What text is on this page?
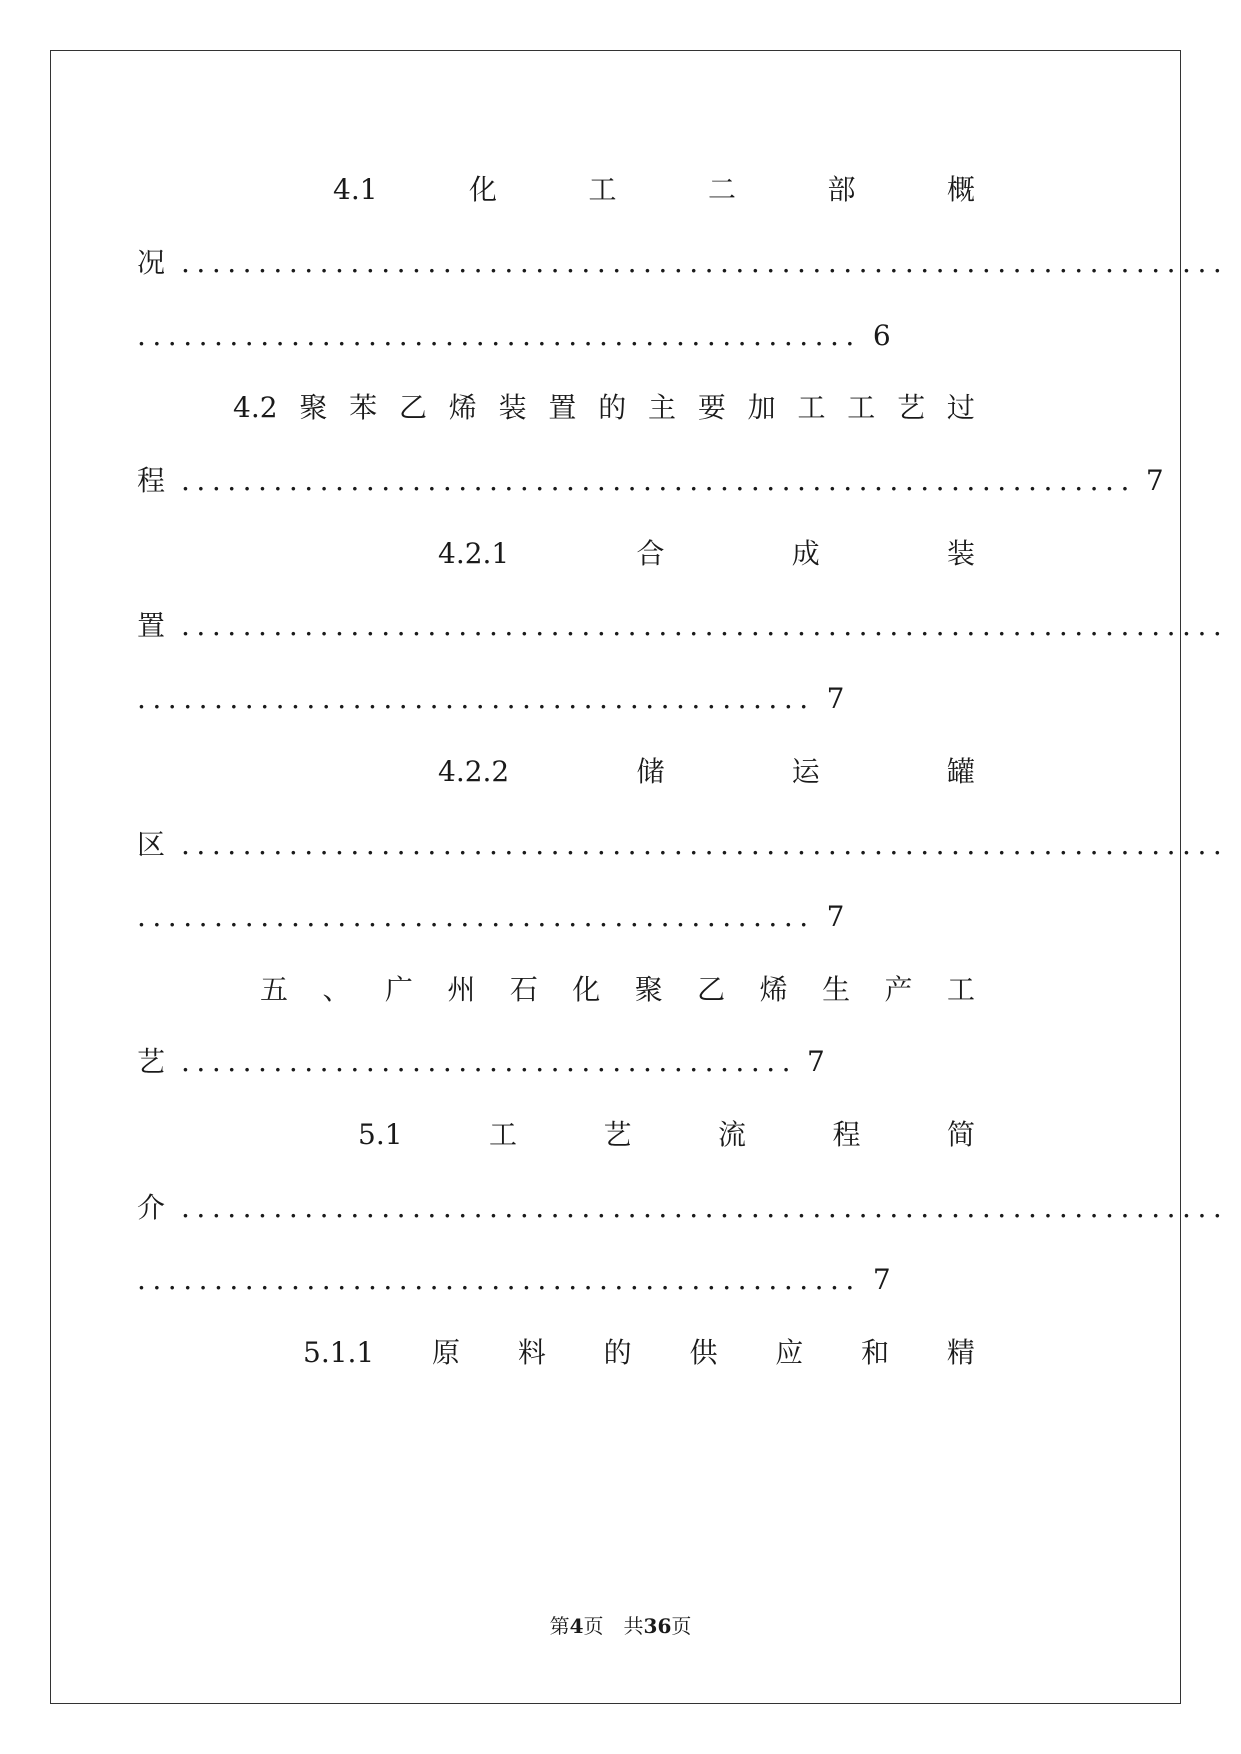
4.1	化	工	二	部	概
况 ....................................................................
............................................... 6
4.2 聚 苯 乙 烯 装 置 的 主 要 加 工 工 艺 过
程 .............................................................. 7
4.2.1	合	成	装
置 ....................................................................
............................................ 7
4.2.2	储	运	罐
区 ....................................................................
............................................ 7
五 、 广 州 石 化 聚 乙 烯 生 产 工
艺 ........................................ 7
5.1	工	艺	流	程	简
介 ....................................................................
............................................... 7
5.1.1 原 料 的 供 应 和 精
第4页　共36页
